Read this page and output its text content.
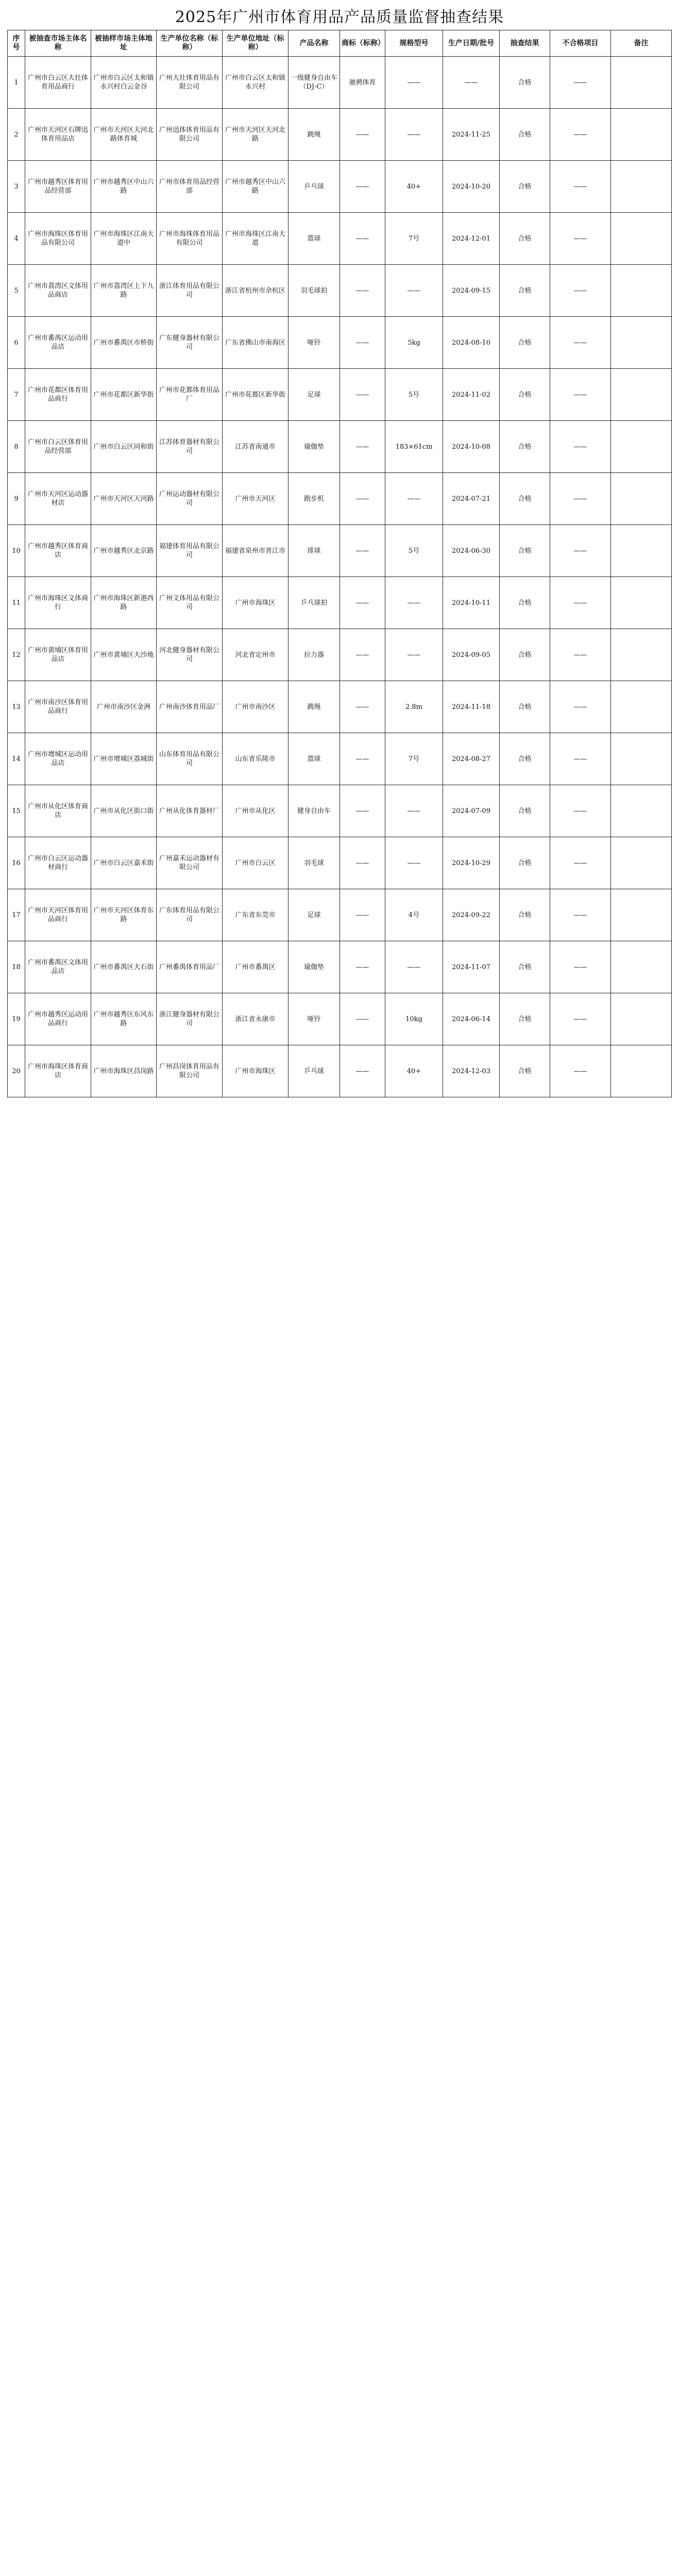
2025年广州市体育用品产品质量监督抽查结果
序号	被抽查市场主体名称	被抽样市场主体地址	生产单位名称（标称）	生产单位地址（标称）	产品名称	商标（标称）	规格型号	生产日期/批号	抽查结果	不合格项目	备注
1	广州市白云区大壮体育用品商行	广州市白云区太和镇永兴村白云金谷	广州大壮体育用品有限公司	广州市白云区太和镇永兴村	一级健身自由车（DJ-C）	驰骋体育	——	——	合格	——	
2	广州市天河区石牌迅体育用品店	广州市天河区天河北路体育城	广州迅体体育用品有限公司	广州市天河区天河北路	跳绳	——	——	2024-11-25	合格	——	
3	广州市越秀区体育用品经营部	广州市越秀区中山六路	广州市体育用品经营部	广州市越秀区中山六路	乒乓球	——	40+	2024-10-20	合格	——	
4	广州市海珠区体育用品有限公司	广州市海珠区江南大道中	广州市海珠体育用品有限公司	广州市海珠区江南大道	篮球	——	7号	2024-12-01	合格	——	
5	广州市荔湾区文体用品商店	广州市荔湾区上下九路	浙江体育用品有限公司	浙江省杭州市余杭区	羽毛球拍	——	——	2024-09-15	合格	——	
6	广州市番禺区运动用品店	广州市番禺区市桥街	广东健身器材有限公司	广东省佛山市南海区	哑铃	——	5kg	2024-08-10	合格	——	
7	广州市花都区体育用品商行	广州市花都区新华街	广州市花都体育用品厂	广州市花都区新华街	足球	——	5号	2024-11-02	合格	——	
8	广州市白云区体育用品经营部	广州市白云区同和街	江苏体育器材有限公司	江苏省南通市	瑜伽垫	——	183×61cm	2024-10-08	合格	——	
9	广州市天河区运动器材店	广州市天河区天河路	广州运动器材有限公司	广州市天河区	跑步机	——	——	2024-07-21	合格	——	
10	广州市越秀区体育商店	广州市越秀区北京路	福建体育用品有限公司	福建省泉州市晋江市	排球	——	5号	2024-06-30	合格	——	
11	广州市海珠区文体商行	广州市海珠区新港西路	广州文体用品有限公司	广州市海珠区	乒乓球拍	——	——	2024-10-11	合格	——	
12	广州市黄埔区体育用品店	广州市黄埔区大沙地	河北健身器材有限公司	河北省定州市	拉力器	——	——	2024-09-05	合格	——	
13	广州市南沙区体育用品商行	广州市南沙区金洲	广州南沙体育用品厂	广州市南沙区	跳绳	——	2.8m	2024-11-18	合格	——	
14	广州市增城区运动用品店	广州市增城区荔城街	山东体育用品有限公司	山东省乐陵市	篮球	——	7号	2024-08-27	合格	——	
15	广州市从化区体育商店	广州市从化区街口街	广州从化体育器材厂	广州市从化区	健身自由车	——	——	2024-07-09	合格	——	
16	广州市白云区运动器材商行	广州市白云区嘉禾街	广州嘉禾运动器材有限公司	广州市白云区	羽毛球	——	——	2024-10-29	合格	——	
17	广州市天河区体育用品商行	广州市天河区体育东路	广东体育用品有限公司	广东省东莞市	足球	——	4号	2024-09-22	合格	——	
18	广州市番禺区文体用品店	广州市番禺区大石街	广州番禺体育用品厂	广州市番禺区	瑜伽垫	——	——	2024-11-07	合格	——	
19	广州市越秀区运动用品商行	广州市越秀区东风东路	浙江健身器材有限公司	浙江省永康市	哑铃	——	10kg	2024-06-14	合格	——	
20	广州市海珠区体育商店	广州市海珠区昌岗路	广州昌岗体育用品有限公司	广州市海珠区	乒乓球	——	40+	2024-12-03	合格	——	
